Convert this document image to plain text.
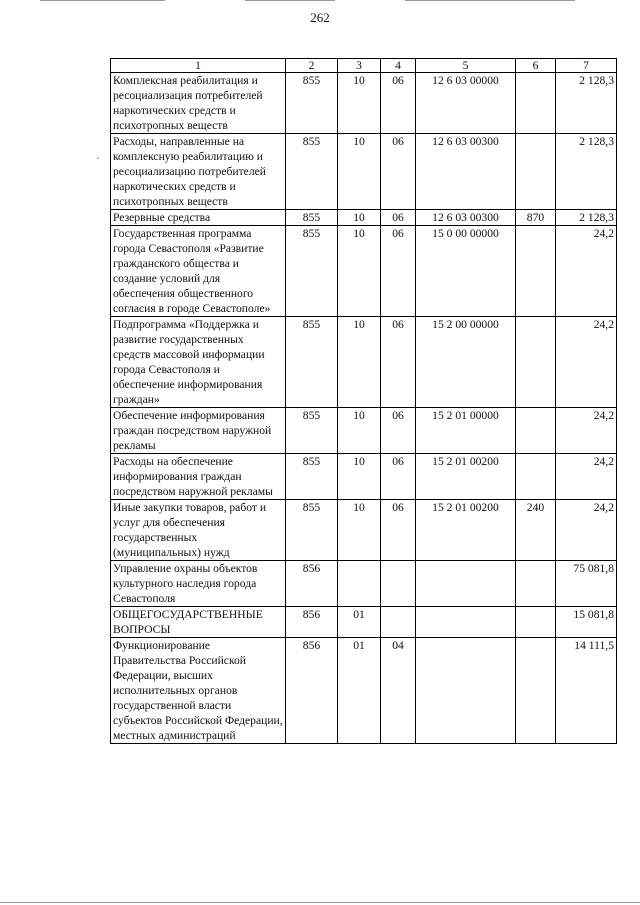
262
·
1	2	3	4	5	6	7
Комплексная реабилитация и ресоциализация потребителей наркотических средств и психотропных веществ	855	10	06	12 6 03 00000		2 128,3
Расходы, направленные на комплексную реабилитацию и ресоциализацию потребителей наркотических средств и психотропных веществ	855	10	06	12 6 03 00300		2 128,3
Резервные средства	855	10	06	12 6 03 00300	870	2 128,3
Государственная программа города Севастополя «Развитие гражданского общества и создание условий для обеспечения общественного согласия в городе Севастополе»	855	10	06	15 0 00 00000		24,2
Подпрограмма «Поддержка и развитие государственных средств массовой информации города Севастополя и обеспечение информирования граждан»	855	10	06	15 2 00 00000		24,2
Обеспечение информирования граждан посредством наружной рекламы	855	10	06	15 2 01 00000		24,2
Расходы на обеспечение информирования граждан посредством наружной рекламы	855	10	06	15 2 01 00200		24,2
Иные закупки товаров, работ и услуг для обеспечения государственных (муниципальных) нужд	855	10	06	15 2 01 00200	240	24,2
Управление охраны объектов культурного наследия города Севастополя	856					75 081,8
ОБЩЕГОСУДАРСТВЕННЫЕ ВОПРОСЫ	856	01				15 081,8
Функционирование Правительства Российской Федерации, высших исполнительных органов государственной власти субъектов Российской Федерации, местных администраций	856	01	04			14 111,5
